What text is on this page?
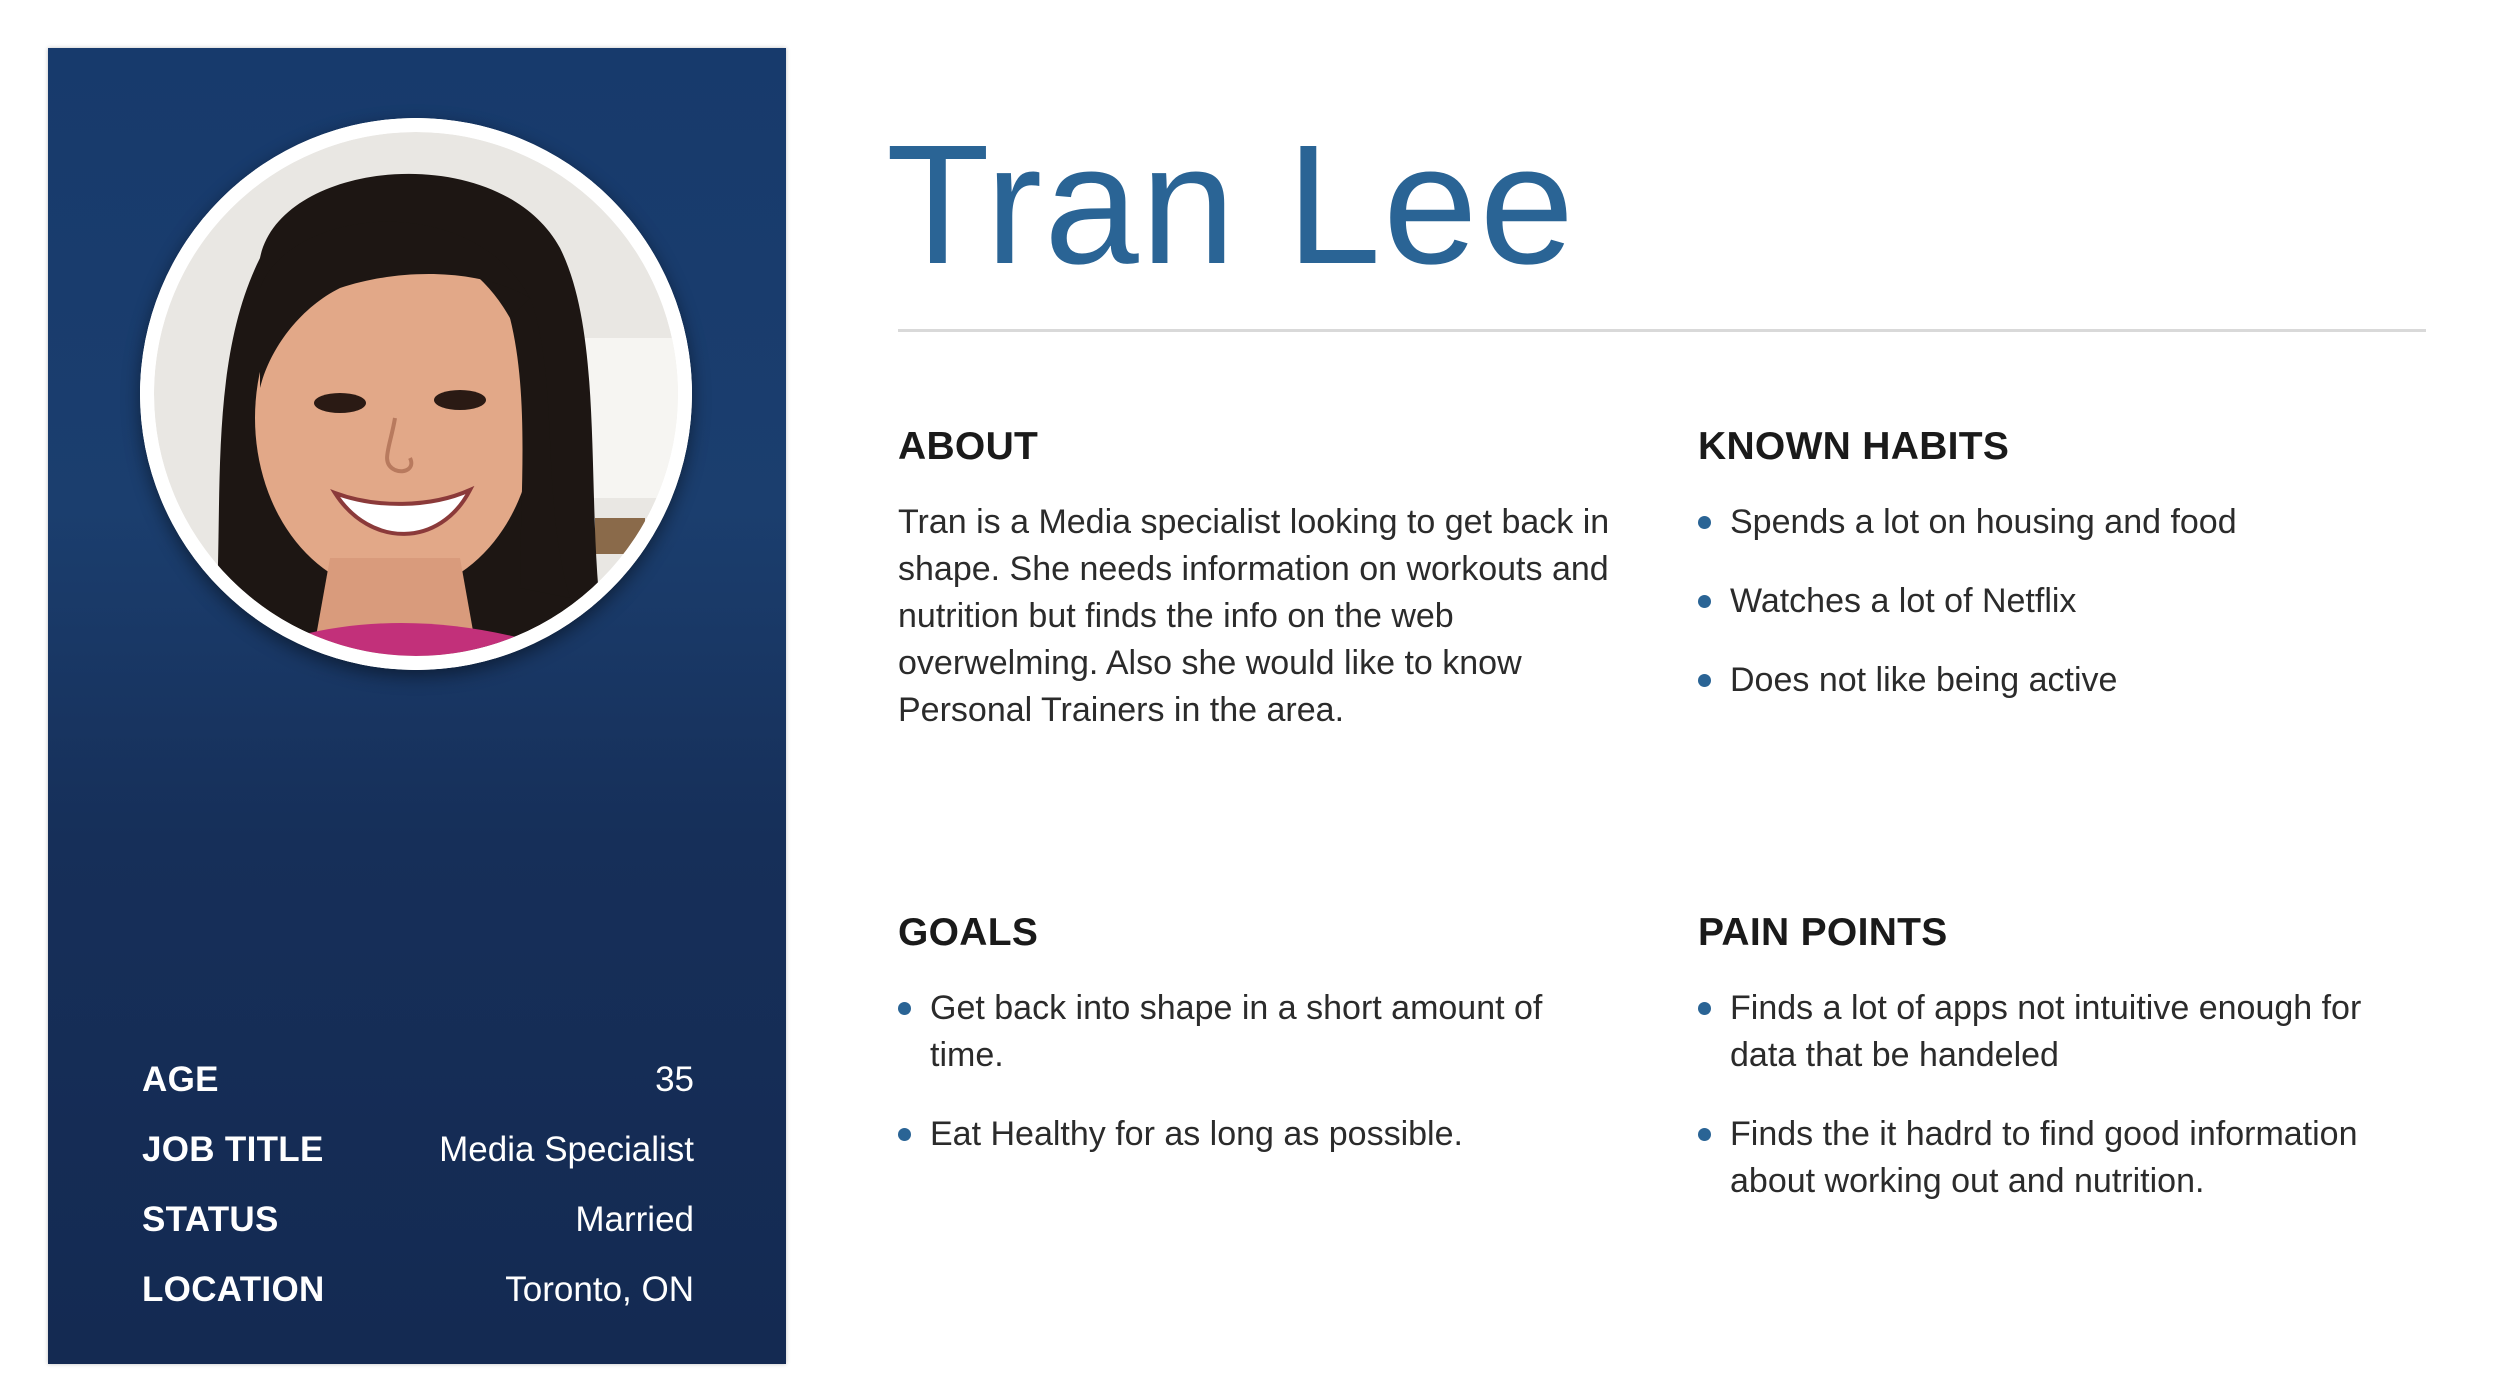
AGE	35
JOB TITLE	Media Specialist
STATUS	Married
LOCATION	Toronto, ON
Tran Lee
ABOUT

Tran is a Media specialist looking to get back in shape. She needs information on workouts and nutrition but finds the info on the web overwelming. Also she would like to know Personal Trainers in the area.

KNOWN HABITS
Spends a lot on housing and food
Watches a lot of Netflix
Does not like being active
GOALS
Get back into shape in a short amount of time.
Eat Healthy for as long as possible.
PAIN POINTS
Finds a lot of apps not intuitive enough for data that be handeled
Finds the it hadrd to find good information about working out and nutrition.
